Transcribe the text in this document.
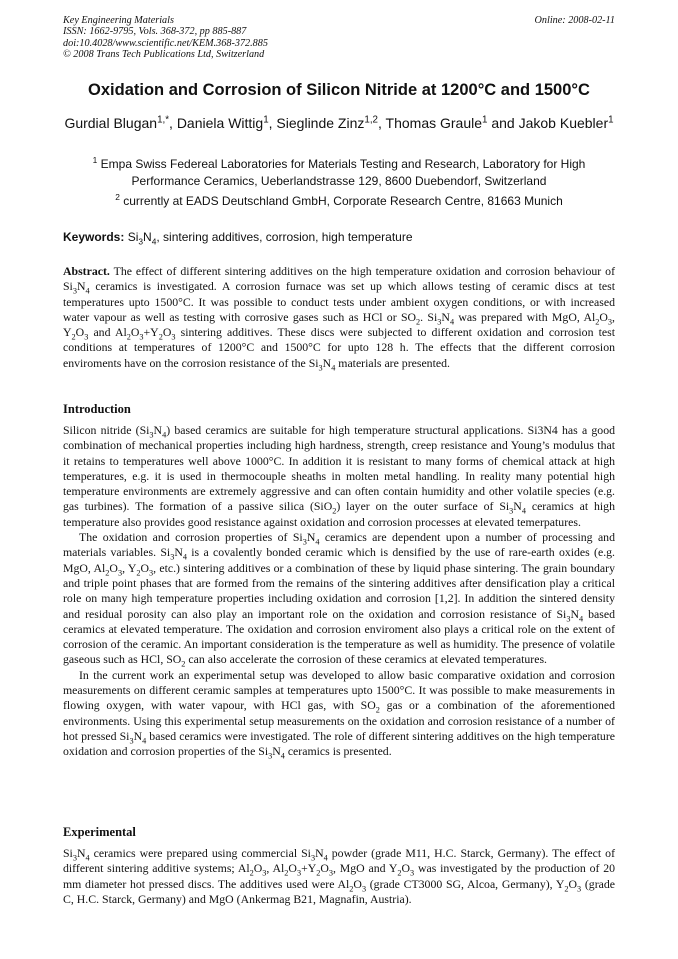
Key Engineering Materials
ISSN: 1662-9795, Vols. 368-372, pp 885-887
doi:10.4028/www.scientific.net/KEM.368-372.885
© 2008 Trans Tech Publications Ltd, Switzerland
Online: 2008-02-11
Oxidation and Corrosion of Silicon Nitride at 1200°C and 1500°C
Gurdial Blugan$^{1,*}$, Daniela Wittig$^1$, Sieglinde Zinz$^{1,2}$, Thomas Graule$^1$ and Jakob Kuebler$^1$
$^1$ Empa Swiss Federeal Laboratories for Materials Testing and Research, Laboratory for High Performance Ceramics, Ueberlandstrasse 129, 8600 Duebendorf, Switzerland
$^2$ currently at EADS Deutschland GmbH, Corporate Research Centre, 81663 Munich
Keywords: $Si_3N_4$, sintering additives, corrosion, high temperature

Abstract. The effect of different sintering additives on the high temperature oxidation and corrosion behaviour of $Si_3N_4$ ceramics is investigated. A corrosion furnace was set up which allows testing of ceramic discs at test temperatures upto 1500°C. It was possible to conduct tests under ambient oxygen conditions, or with increased water vapour as well as testing with corrosive gases such as HCl or $SO_2$. $Si_3N_4$ was prepared with MgO, $Al_2O_3$, $Y_2O_3$ and $Al_2O_3+Y_2O_3$ sintering additives. These discs were subjected to different oxidation and corrosion test conditions at temperatures of 1200°C and 1500°C for upto 128 h. The effects that the different corrosion enviroments have on the corrosion resistance of the $Si_3N_4$ materials are presented.

Introduction

Silicon nitride $(Si_3N_4)$ based ceramics are suitable for high temperature structural applications. Si3N4 has a good combination of mechanical properties including high hardness, strength, creep resistance and Young’s modulus that it retains to temperatures well above 1000°C. In addition it is resistant to many forms of chemical attack at high temperatures, e.g. it is used in thermocouple sheaths in molten metal handling. In reality many potential high temperature environments are extremely aggressive and can often contain humidity and other volatile species (e.g. gas turbines). The formation of a passive silica (SiO$_2$) layer on the outer surface of $Si_3N_4$ ceramics at high temperature also provides good resistance against oxidation and corrosion processes at elevated temerpatures.

The oxidation and corrosion properties of $Si_3N_4$ ceramics are dependent upon a number of processing and materials variables. $Si_3N_4$ is a covalently bonded ceramic which is densified by the use of rare-earth oxides (e.g. MgO, $Al_2O_3$, $Y_2O_3$, etc.) sintering additives or a combination of these by liquid phase sintering. The grain boundary and triple point phases that are formed from the remains of the sintering additives after densification play a critical role on many high temperature properties including oxidation and corrosion [1,2]. In addition the sintered density and residual porosity can also play an important role on the oxidation and corrosion resistance of $Si_3N_4$ based ceramics at elevated temperature. The oxidation and corrosion enviroment also plays a critical role on the extent of corrosion of the ceramic. An important consideration is the temperature as well as humidity. The presence of volatile gaseous such as HCl, $SO_2$ can also accelerate the corrosion of these ceramics at elevated temperatures.

In the current work an experimental setup was developed to allow basic comparative oxidation and corrosion measurements on different ceramic samples at temperatures upto 1500°C. It was possible to make measurements in flowing oxygen, with water vapour, with HCl gas, with $SO_2$ gas or a combination of the aforementioned environments. Using this experimental setup measurements on the oxidation and corrosion resistance of a number of hot pressed $Si_3N_4$ based ceramics were investigated. The role of different sintering additives on the high temperature oxidation and corrosion properties of the $Si_3N_4$ ceramics is presented.

Experimental

$Si_3N_4$ ceramics were prepared using commercial $Si_3N_4$ powder (grade M11, H.C. Starck, Germany). The effect of different sintering additive systems; $Al_2O_3$, $Al_2O_3+Y_2O_3$, MgO and $Y_2O_3$ was investigated by the production of 20 mm diameter hot pressed discs. The additives used were $Al_2O_3$ (grade CT3000 SG, Alcoa, Germany), $Y_2O_3$ (grade C, H.C. Starck, Germany) and MgO (Ankermag B21, Magnafin, Austria).
